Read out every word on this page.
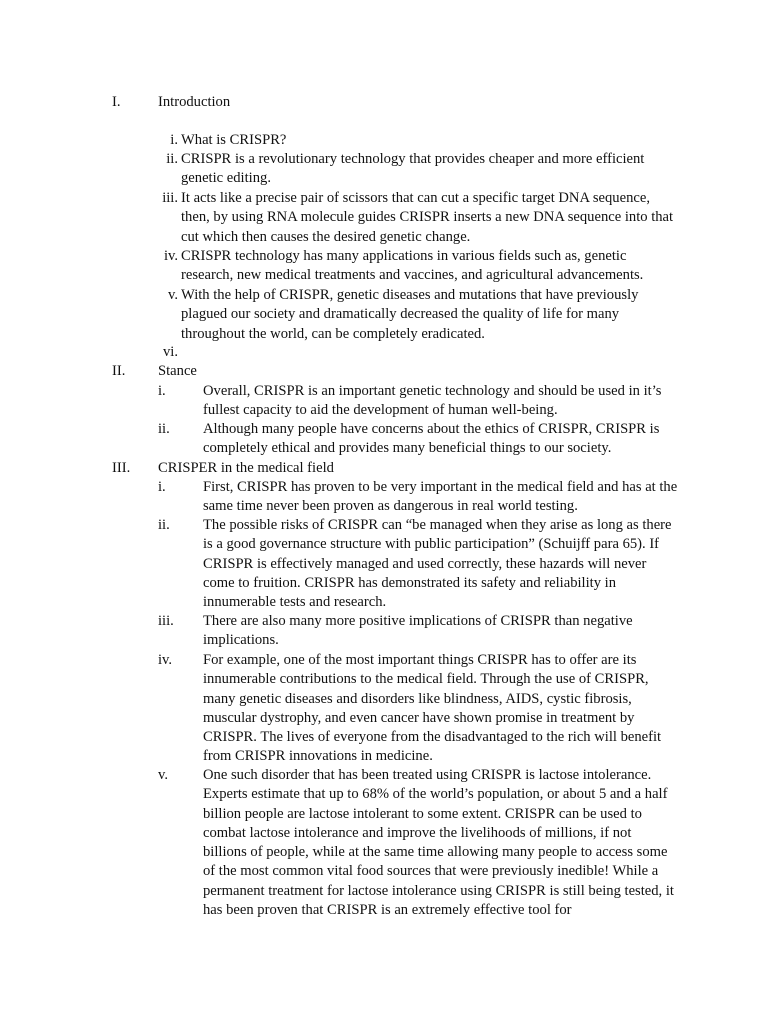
I.	Introduction
i. What is CRISPR?
ii. CRISPR is a revolutionary technology that provides cheaper and more efficient genetic editing.
iii. It acts like a precise pair of scissors that can cut a specific target DNA sequence, then, by using RNA molecule guides CRISPR inserts a new DNA sequence into that cut which then causes the desired genetic change.
iv. CRISPR technology has many applications in various fields such as, genetic research, new medical treatments and vaccines, and agricultural advancements.
v. With the help of CRISPR, genetic diseases and mutations that have previously plagued our society and dramatically decreased the quality of life for many throughout the world, can be completely eradicated.
vi.
II. Stance
i.	Overall, CRISPR is an important genetic technology and should be used in it’s fullest capacity to aid the development of human well-being.
ii. Although many people have concerns about the ethics of CRISPR, CRISPR is completely ethical and provides many beneficial things to our society.
III. CRISPER in the medical field
i.	First, CRISPR has proven to be very important in the medical field and has at the same time never been proven as dangerous in real world testing.
ii. The possible risks of CRISPR can “be managed when they arise as long as there is a good governance structure with public participation” (Schuijff para 65). If CRISPR is effectively managed and used correctly, these hazards will never come to fruition. CRISPR has demonstrated its safety and reliability in innumerable tests and research.
iii. There are also many more positive implications of CRISPR than negative implications.
iv. For example, one of the most important things CRISPR has to offer are its innumerable contributions to the medical field. Through the use of CRISPR, many genetic diseases and disorders like blindness, AIDS, cystic fibrosis, muscular dystrophy, and even cancer have shown promise in treatment by CRISPR. The lives of everyone from the disadvantaged to the rich will benefit from CRISPR innovations in medicine.
v. One such disorder that has been treated using CRISPR is lactose intolerance. Experts estimate that up to 68% of the world’s population, or about 5 and a half billion people are lactose intolerant to some extent. CRISPR can be used to combat lactose intolerance and improve the livelihoods of millions, if not billions of people, while at the same time allowing many people to access some of the most common vital food sources that were previously inedible! While a permanent treatment for lactose intolerance using CRISPR is still being tested, it has been proven that CRISPR is an extremely effective tool for
